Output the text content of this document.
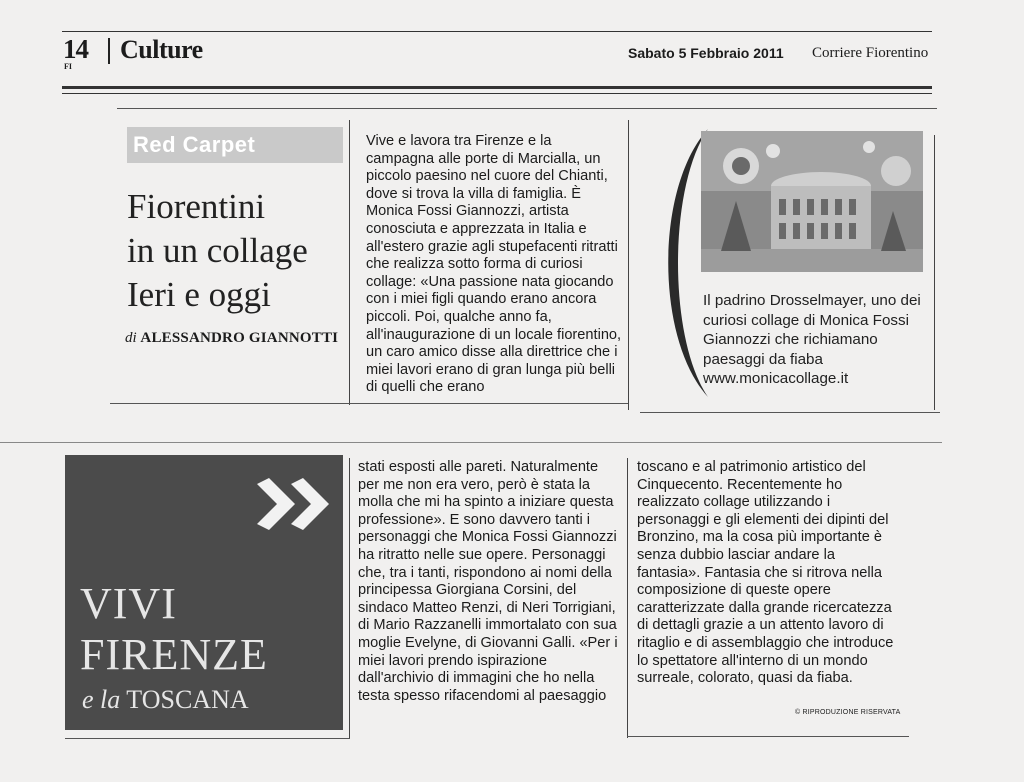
14
FI
Culture	Sabato 5 Febbraio 2011 Corriere Fiorentino
Red Carpet
Fiorentini
in un collage
Ieri e oggi
di ALESSANDRO GIANNOTTI
Vive e lavora tra Firenze e la campagna alle porte di Marcialla, un piccolo paesino nel cuore del Chianti, dove si trova la villa di famiglia. È Monica Fossi Giannozzi, artista conosciuta e apprezzata in Italia e all'estero grazie agli stupefacenti ritratti che realizza sotto forma di curiosi collage: «Una passione nata giocando con i miei figli quando erano ancora piccoli. Poi, qualche anno fa, all'inaugurazione di un locale fiorentino, un caro amico disse alla direttrice che i miei lavori erano di gran lunga più belli di quelli che erano
stati esposti alle pareti. Naturalmente per me non era vero, però è stata la molla che mi ha spinto a iniziare questa professione». E sono davvero tanti i personaggi che Monica Fossi Giannozzi ha ritratto nelle sue opere. Personaggi che, tra i tanti, rispondono ai nomi della principessa Giorgiana Corsini, del sindaco Matteo Renzi, di Neri Torrigiani, di Mario Razzanelli immortalato con sua moglie Evelyne, di Giovanni Galli. «Per i miei lavori prendo ispirazione dall'archivio di immagini che ho nella testa spesso rifacendomi al paesaggio
toscano e al patrimonio artistico del Cinquecento. Recentemente ho realizzato collage utilizzando i personaggi e gli elementi dei dipinti del Bronzino, ma la cosa più importante è senza dubbio lasciar andare la fantasia». Fantasia che si ritrova nella composizione di queste opere caratterizzate dalla grande ricercatezza di dettagli grazie a un attento lavoro di ritaglio e di assemblaggio che introduce lo spettatore all'interno di un mondo surreale, colorato, quasi da fiaba.
© RIPRODUZIONE RISERVATA
Il padrino Drosselmayer, uno dei curiosi collage di Monica Fossi Giannozzi che richiamano paesaggi da fiaba www.monicacollage.it
VIVI
FIRENZE
e la TOSCANA
